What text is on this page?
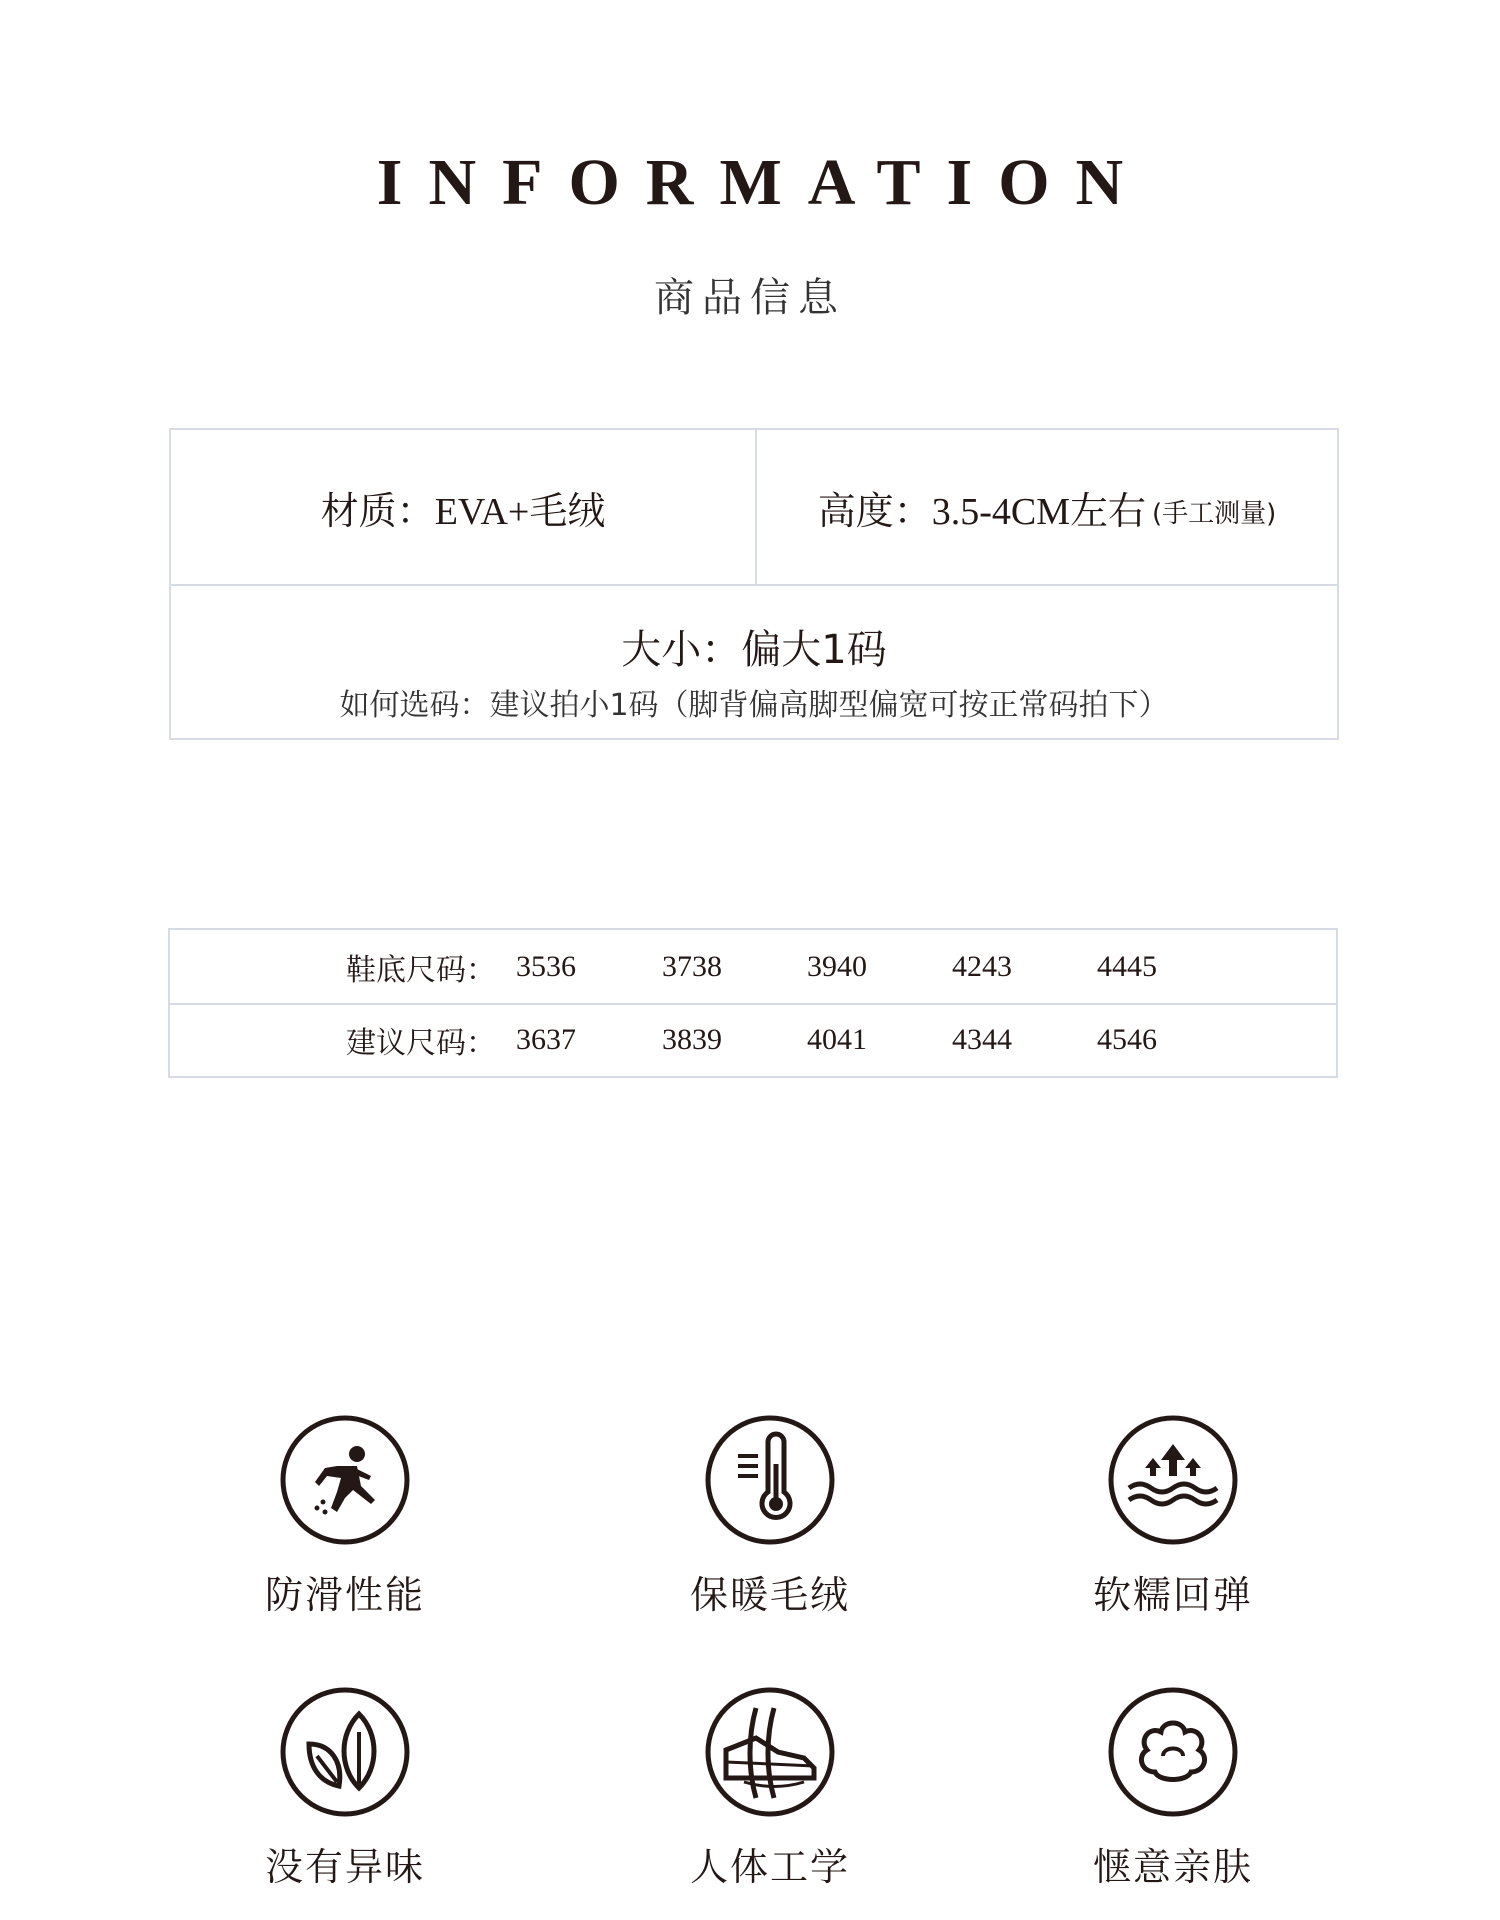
INFORMATION
商品信息
材质： EVA+毛绒	高度： 3.5-4CM左右 (手工测量)
大小：偏大1码
如何选码：建议拍小1码（脚背偏高脚型偏宽可按正常码拍下）
鞋底尺码： 3536	3738	3940	4243	4445
建议尺码： 3637	3839	4041	4344	4546
防滑性能	保暖毛绒	软糯回弹
没有异味	人体工学	惬意亲肤
